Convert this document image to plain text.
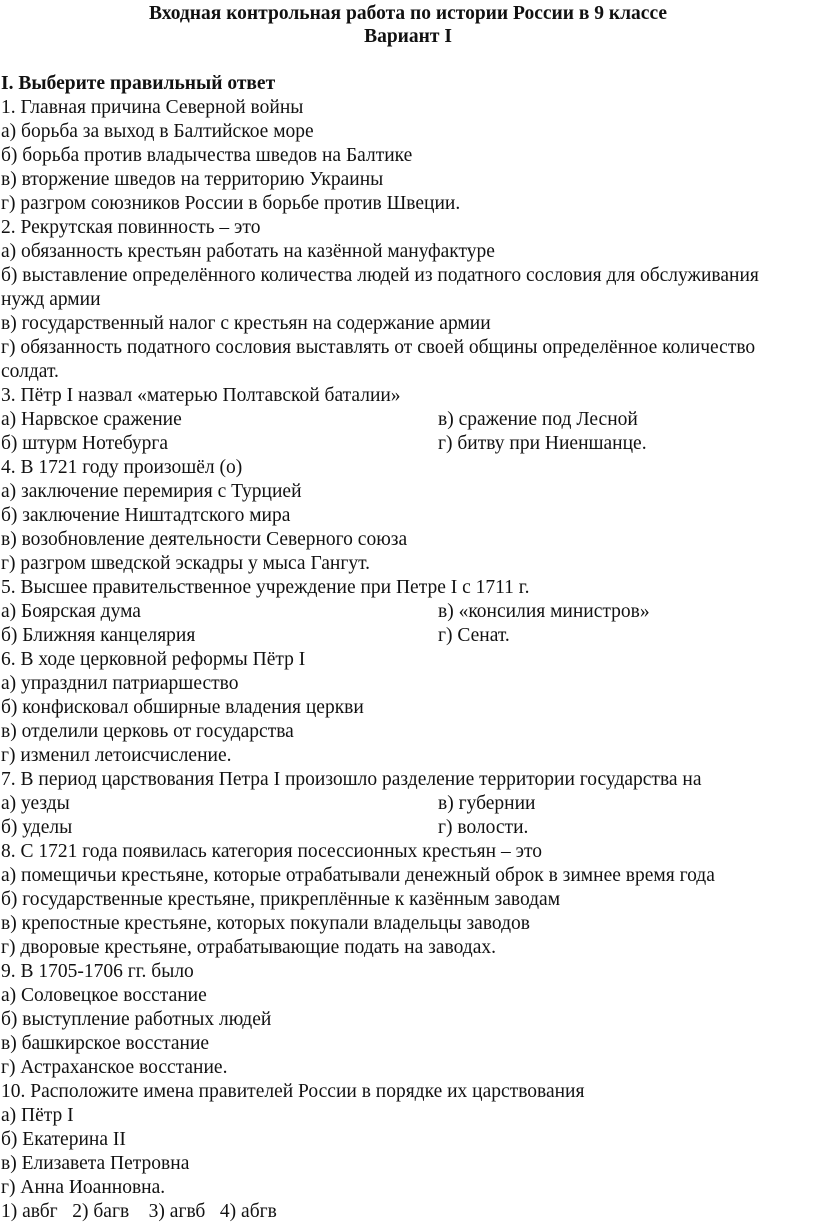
Входная контрольная работа по истории России в 9 классе
Вариант I
I. Выберите правильный ответ
1. Главная причина Северной войны
а) борьба за выход в Балтийское море
б) борьба против владычества шведов на Балтике
в) вторжение шведов на территорию Украины
г) разгром союзников России в борьбе против Швеции.
2. Рекрутская повинность – это
а) обязанность крестьян работать на казённой мануфактуре
б) выставление определённого количества людей из податного сословия для обслуживания
нужд армии
в) государственный налог с крестьян на содержание армии
г) обязанность податного сословия выставлять от своей общины определённое количество
солдат.
3. Пётр I назвал «матерью Полтавской баталии»
а) Нарвское сражение	в) сражение под Лесной
б) штурм Нотебурга	г) битву при Ниеншанце.
4. В 1721 году произошёл (о)
а) заключение перемирия с Турцией
б) заключение Ништадтского мира
в) возобновление деятельности Северного союза
г) разгром шведской эскадры у мыса Гангут.
5. Высшее правительственное учреждение при Петре I с 1711 г.
а) Боярская дума	в) «консилия министров»
б) Ближняя канцелярия	г) Сенат.
6. В ходе церковной реформы Пётр I
а) упразднил патриаршество
б) конфисковал обширные владения церкви
в) отделили церковь от государства
г) изменил летоисчисление.
7. В период царствования Петра I произошло разделение территории государства на
а) уезды	в) губернии
б) уделы	г) волости.
8. С 1721 года появилась категория посессионных крестьян – это
а) помещичьи крестьяне, которые отрабатывали денежный оброк в зимнее время года
б) государственные крестьяне, прикреплённые к казённым заводам
в) крепостные крестьяне, которых покупали владельцы заводов
г) дворовые крестьяне, отрабатывающие подать на заводах.
9. В 1705-1706 гг. было
а) Соловецкое восстание
б) выступление работных людей
в) башкирское восстание
г) Астраханское восстание.
10. Расположите имена правителей России в порядке их царствования
а) Пётр I
б) Екатерина II
в) Елизавета Петровна
г) Анна Иоанновна.
1) авбг   2) багв    3) агвб   4) абгв
